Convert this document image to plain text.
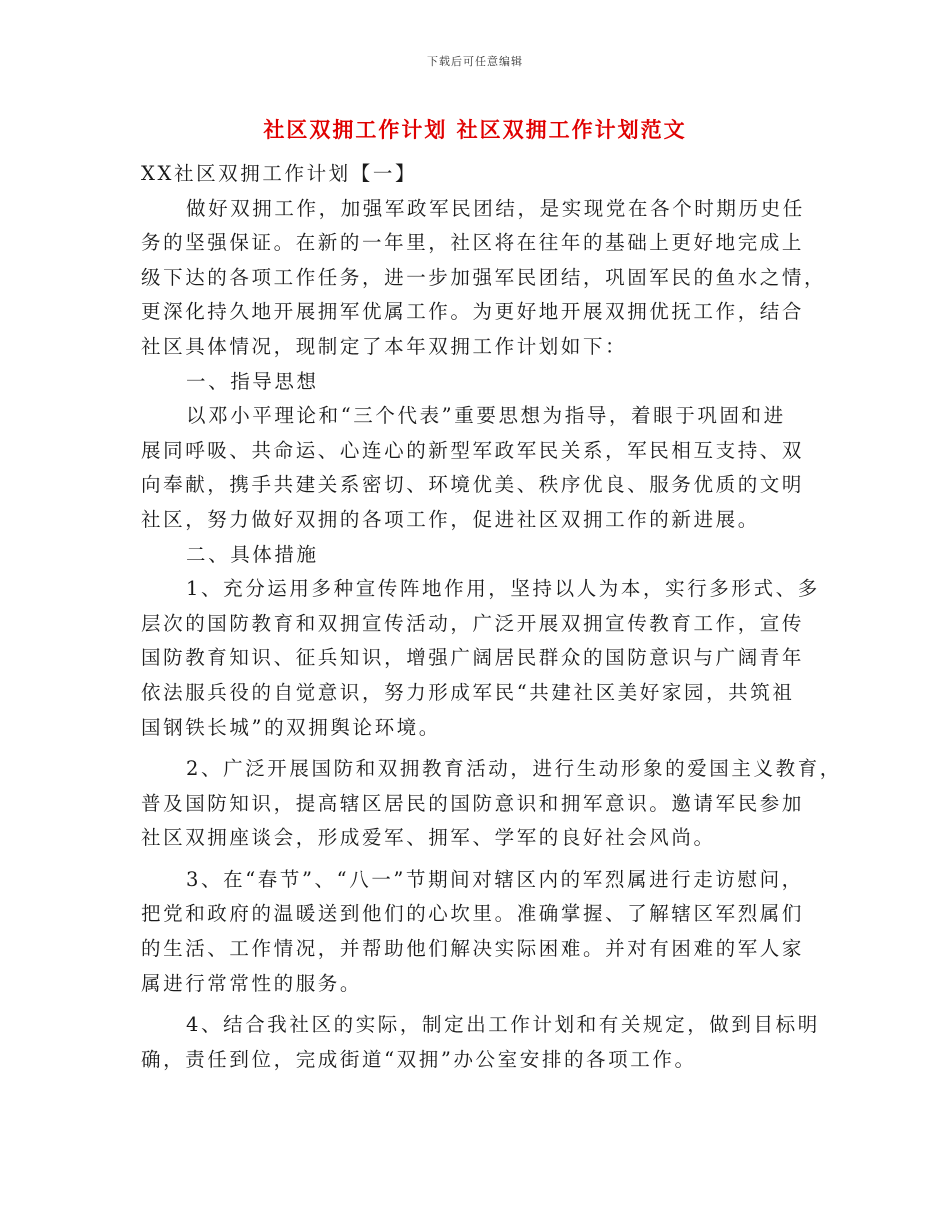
下载后可任意编辑
社区双拥工作计划 社区双拥工作计划范文
XX社区双拥工作计划【一】
做好双拥工作，加强军政军民团结，是实现党在各个时期历史任
务的坚强保证。在新的一年里，社区将在往年的基础上更好地完成上
级下达的各项工作任务，进一步加强军民团结，巩固军民的鱼水之情，
更深化持久地开展拥军优属工作。为更好地开展双拥优抚工作，结合
社区具体情况，现制定了本年双拥工作计划如下：
一、指导思想
以邓小平理论和“三个代表”重要思想为指导，着眼于巩固和进
展同呼吸、共命运、心连心的新型军政军民关系，军民相互支持、双
向奉献，携手共建关系密切、环境优美、秩序优良、服务优质的文明
社区，努力做好双拥的各项工作，促进社区双拥工作的新进展。
二、具体措施
1、充分运用多种宣传阵地作用，坚持以人为本，实行多形式、多
层次的国防教育和双拥宣传活动，广泛开展双拥宣传教育工作，宣传
国防教育知识、征兵知识，增强广阔居民群众的国防意识与广阔青年
依法服兵役的自觉意识，努力形成军民“共建社区美好家园，共筑祖
国钢铁长城”的双拥舆论环境。
2、广泛开展国防和双拥教育活动，进行生动形象的爱国主义教育，
普及国防知识，提高辖区居民的国防意识和拥军意识。邀请军民参加
社区双拥座谈会，形成爱军、拥军、学军的良好社会风尚。
3、在“春节”、“八一”节期间对辖区内的军烈属进行走访慰问，
把党和政府的温暖送到他们的心坎里。准确掌握、了解辖区军烈属们
的生活、工作情况，并帮助他们解决实际困难。并对有困难的军人家
属进行常常性的服务。
4、结合我社区的实际，制定出工作计划和有关规定，做到目标明
确，责任到位，完成街道“双拥”办公室安排的各项工作。
